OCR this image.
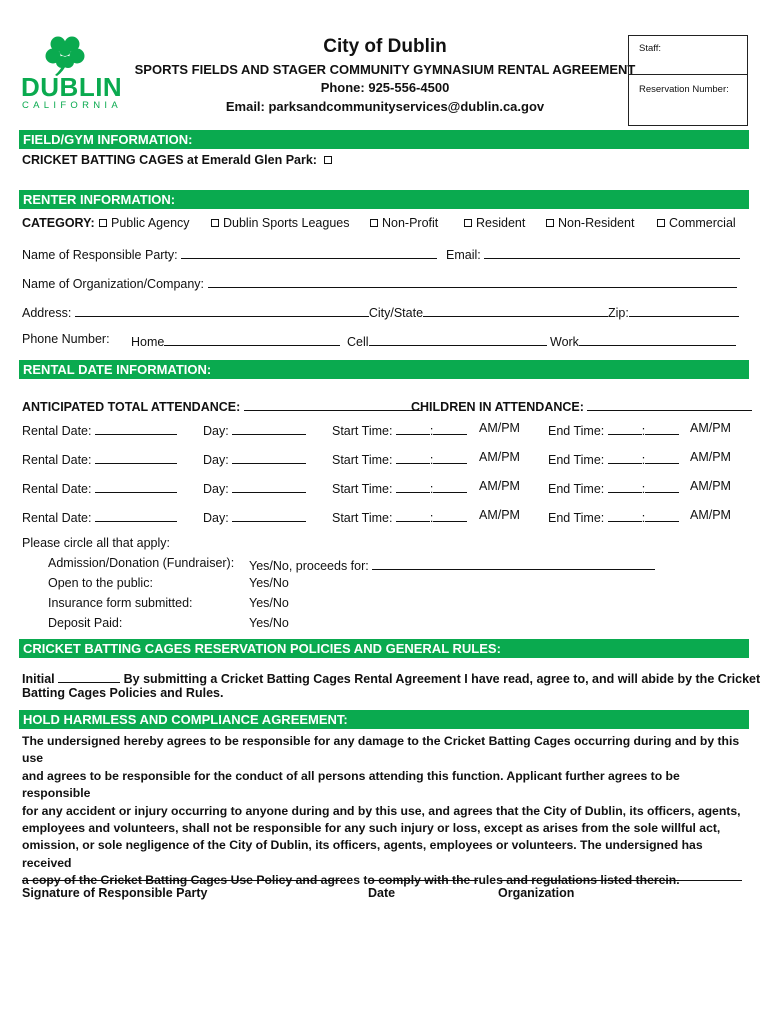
DUBLIN
CALIFORNIA
City of Dublin
SPORTS FIELDS AND STAGER COMMUNITY GYMNASIUM RENTAL AGREEMENT
Phone: 925-556-4500
Email: parksandcommunityservices@dublin.ca.gov
Staff:
Reservation Number:
FIELD/GYM INFORMATION:
CRICKET BATTING CAGES at Emerald Glen Park:
RENTER INFORMATION:
CATEGORY:	Public Agency	Dublin Sports Leagues	Non-Profit	Resident	Non-Resident	Commercial
Name of Responsible Party:	Email:
Name of Organization/Company:
Address:	City/State	Zip:
Phone Number: Home	Cell	Work
RENTAL DATE INFORMATION:
ANTICIPATED TOTAL ATTENDANCE:	CHILDREN IN ATTENDANCE:
Rental Date:	Day:	Start Time:	:	AM/PM End Time:	:	AM/PM
Rental Date:	Day:	Start Time:	:	AM/PM End Time:	:	AM/PM
Rental Date:	Day:	Start Time:	:	AM/PM End Time:	:	AM/PM
Rental Date:	Day:	Start Time:	:	AM/PM End Time:	:	AM/PM
Please circle all that apply:
Admission/Donation (Fundraiser): Yes/No, proceeds for:
Open to the public:	Yes/No
Insurance form submitted:	Yes/No
Deposit Paid:	Yes/No
CRICKET BATTING CAGES RESERVATION POLICIES AND GENERAL RULES:
Initial	By submitting a Cricket Batting Cages Rental Agreement I have read, agree to, and will abide by the Cricket
Batting Cages Policies and Rules.
HOLD HARMLESS AND COMPLIANCE AGREEMENT:
The undersigned hereby agrees to be responsible for any damage to the Cricket Batting Cages occurring during and by this use
and agrees to be responsible for the conduct of all persons attending this function. Applicant further agrees to be responsible
for any accident or injury occurring to anyone during and by this use, and agrees that the City of Dublin, its officers, agents,
employees and volunteers, shall not be responsible for any such injury or loss, except as arises from the sole willful act,
omission, or sole negligence of the City of Dublin, its officers, agents, employees or volunteers. The undersigned has received
a copy of the Cricket Batting Cages Use Policy and agrees to comply with the rules and regulations listed therein.
Signature of Responsible Party	Date	Organization
